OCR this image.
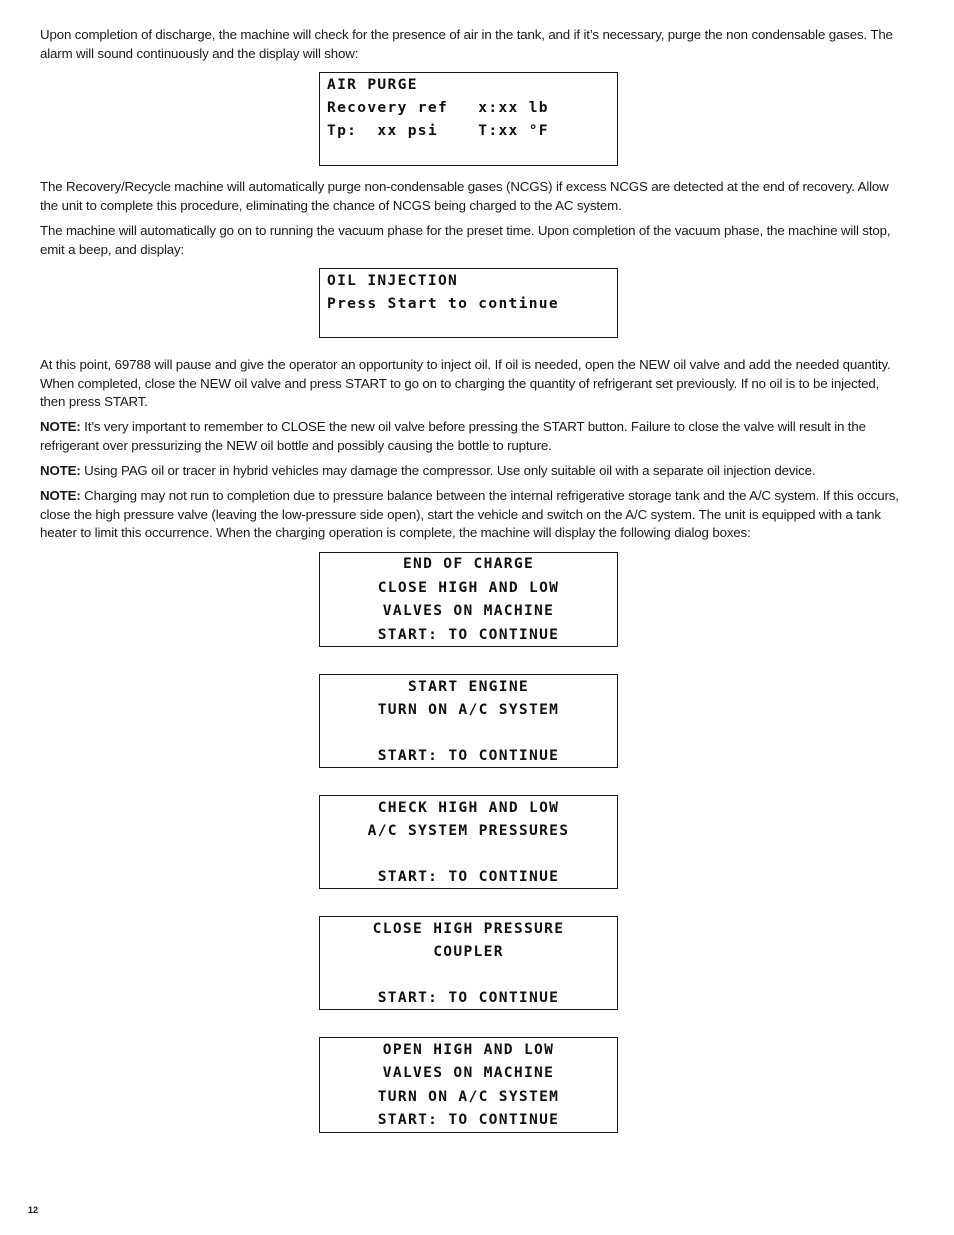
Upon completion of discharge, the machine will check for the presence of air in the tank, and if it’s necessary, purge the non condensable gases. The alarm will sound continuously and the display will show:

AIR PURGE
Recovery ref   x:xx lb
Tp:  xx psi    T:xx °F

The Recovery/Recycle machine will automatically purge non-condensable gases (NCGS) if excess NCGS are detected at the end of recovery. Allow the unit to complete this procedure, eliminating the chance of NCGS being charged to the AC system.

The machine will automatically go on to running the vacuum phase for the preset time. Upon completion of the vacuum phase, the machine will stop, emit a beep, and display:

OIL INJECTION
Press Start to continue

At this point, 69788 will pause and give the operator an opportunity to inject oil. If oil is needed, open the NEW oil valve and add the needed quantity. When completed, close the NEW oil valve and press START to go on to charging the quantity of refrigerant set previously. If no oil is to be injected, then press START.

NOTE: It’s very important to remember to CLOSE the new oil valve before pressing the START button. Failure to close the valve will result in the refrigerant over pressurizing the NEW oil bottle and possibly causing the bottle to rupture.

NOTE: Using PAG oil or tracer in hybrid vehicles may damage the compressor. Use only suitable oil with a separate oil injection device.

NOTE: Charging may not run to completion due to pressure balance between the internal refrigerative storage tank and the A/C system. If this occurs, close the high pressure valve (leaving the low-pressure side open), start the vehicle and switch on the A/C system. The unit is equipped with a tank heater to limit this occurrence. When the charging operation is complete, the machine will display the following dialog boxes:

END OF CHARGE
CLOSE HIGH AND LOW
VALVES ON MACHINE
START: TO CONTINUE
START ENGINE
TURN ON A/C SYSTEM
START: TO CONTINUE
CHECK HIGH AND LOW
A/C SYSTEM PRESSURES
START: TO CONTINUE
CLOSE HIGH PRESSURE
COUPLER
START: TO CONTINUE
OPEN HIGH AND LOW
VALVES ON MACHINE
TURN ON A/C SYSTEM
START: TO CONTINUE
12
